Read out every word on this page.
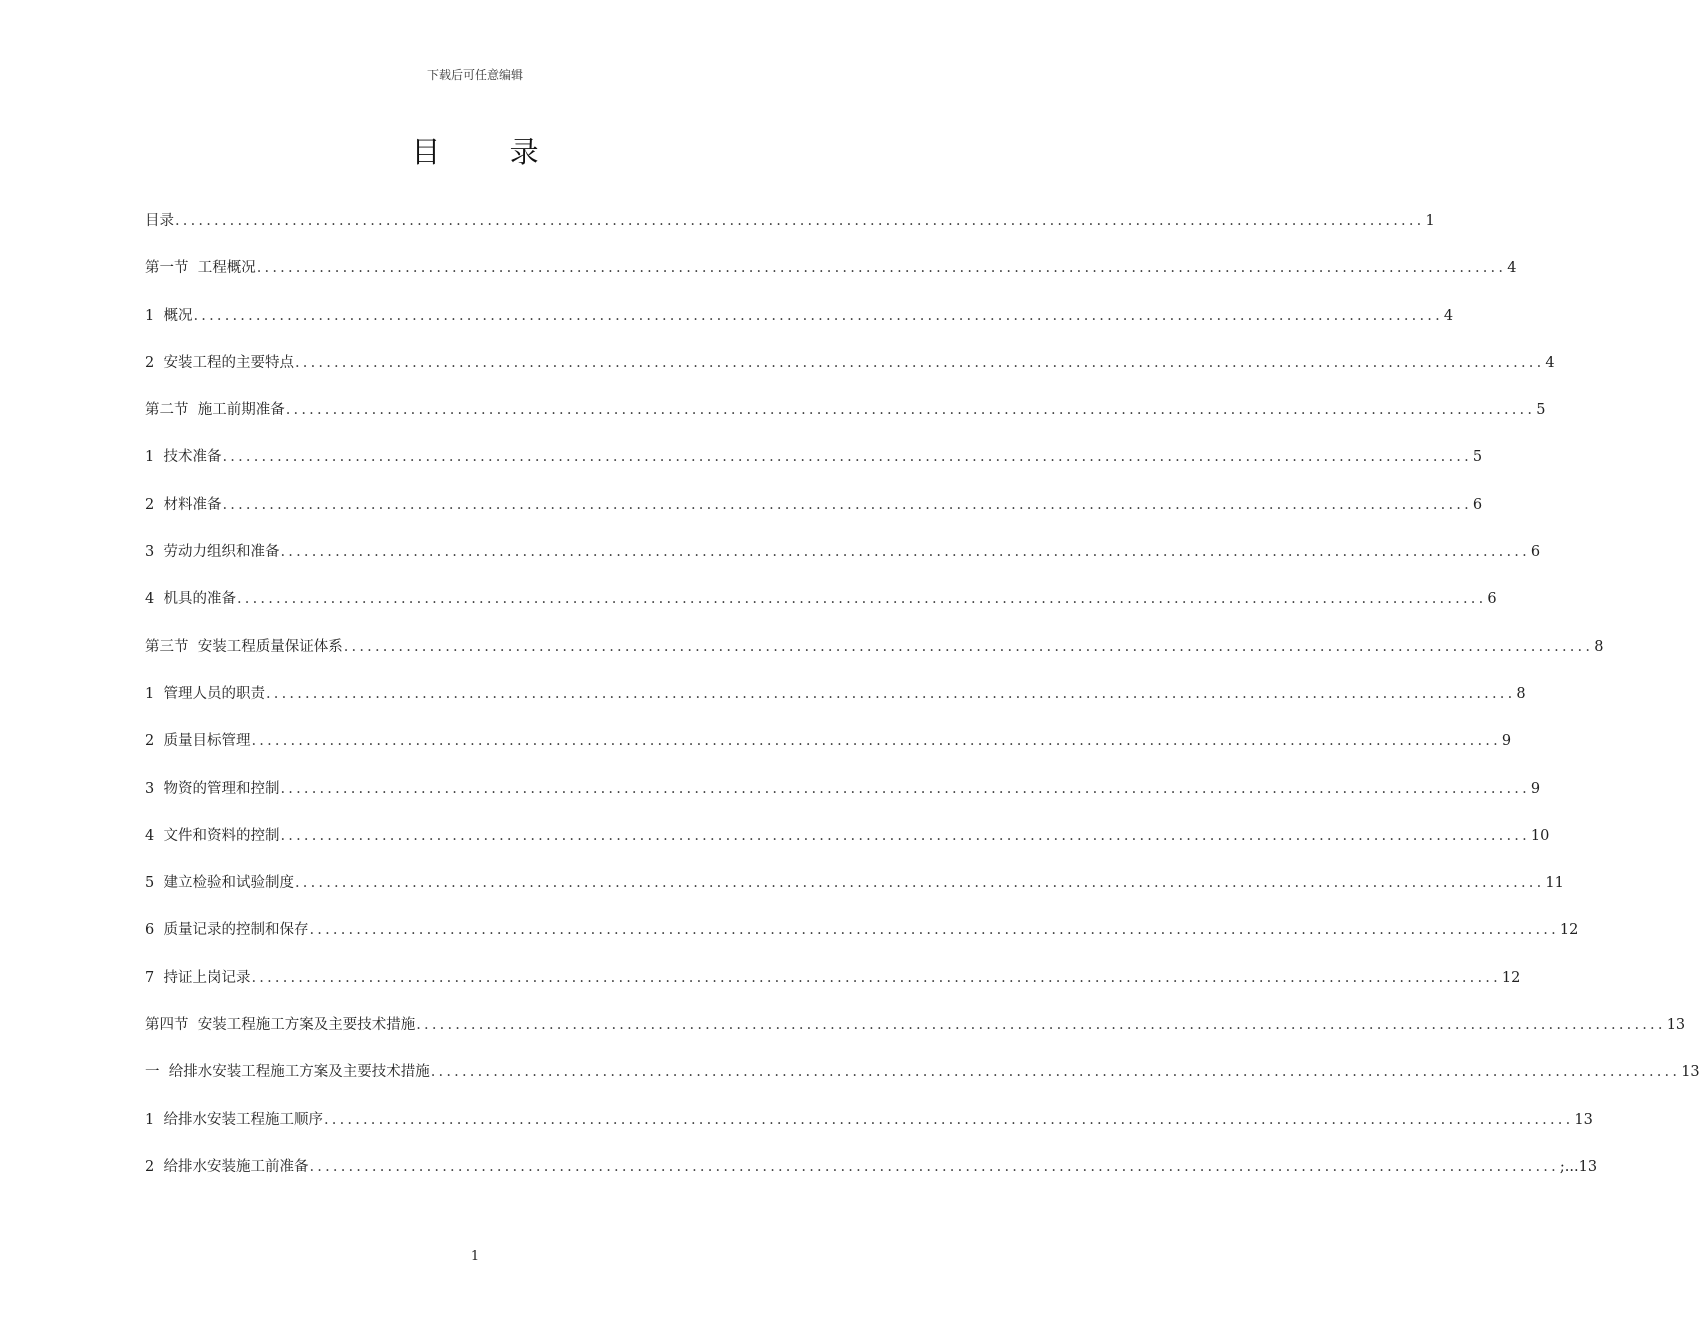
下载后可任意编辑
目 录
目录 ................................................................................................................................................................ 1
第一节  工程概况 ................................................................................................................................................................ 4
1  概况 ................................................................................................................................................................ 4
2  安装工程的主要特点 ................................................................................................................................................................ 4
第二节  施工前期准备 ................................................................................................................................................................ 5
1  技术准备 ................................................................................................................................................................ 5
2  材料准备 ................................................................................................................................................................ 6
3  劳动力组织和准备 ................................................................................................................................................................ 6
4  机具的准备 ................................................................................................................................................................ 6
第三节  安装工程质量保证体系 ................................................................................................................................................................ 8
1  管理人员的职责 ................................................................................................................................................................ 8
2  质量目标管理 ................................................................................................................................................................ 9
3  物资的管理和控制 ................................................................................................................................................................ 9
4  文件和资料的控制 ................................................................................................................................................................ 10
5  建立检验和试验制度 ................................................................................................................................................................ 11
6  质量记录的控制和保存 ................................................................................................................................................................ 12
7  持证上岗记录 ................................................................................................................................................................ 12
第四节  安装工程施工方案及主要技术措施 ................................................................................................................................................................ 13
一  给排水安装工程施工方案及主要技术措施 ................................................................................................................................................................ 13
1  给排水安装工程施工顺序 ................................................................................................................................................................ 13
2  给排水安装施工前准备 ................................................................................................................................................................ ;...13
1
